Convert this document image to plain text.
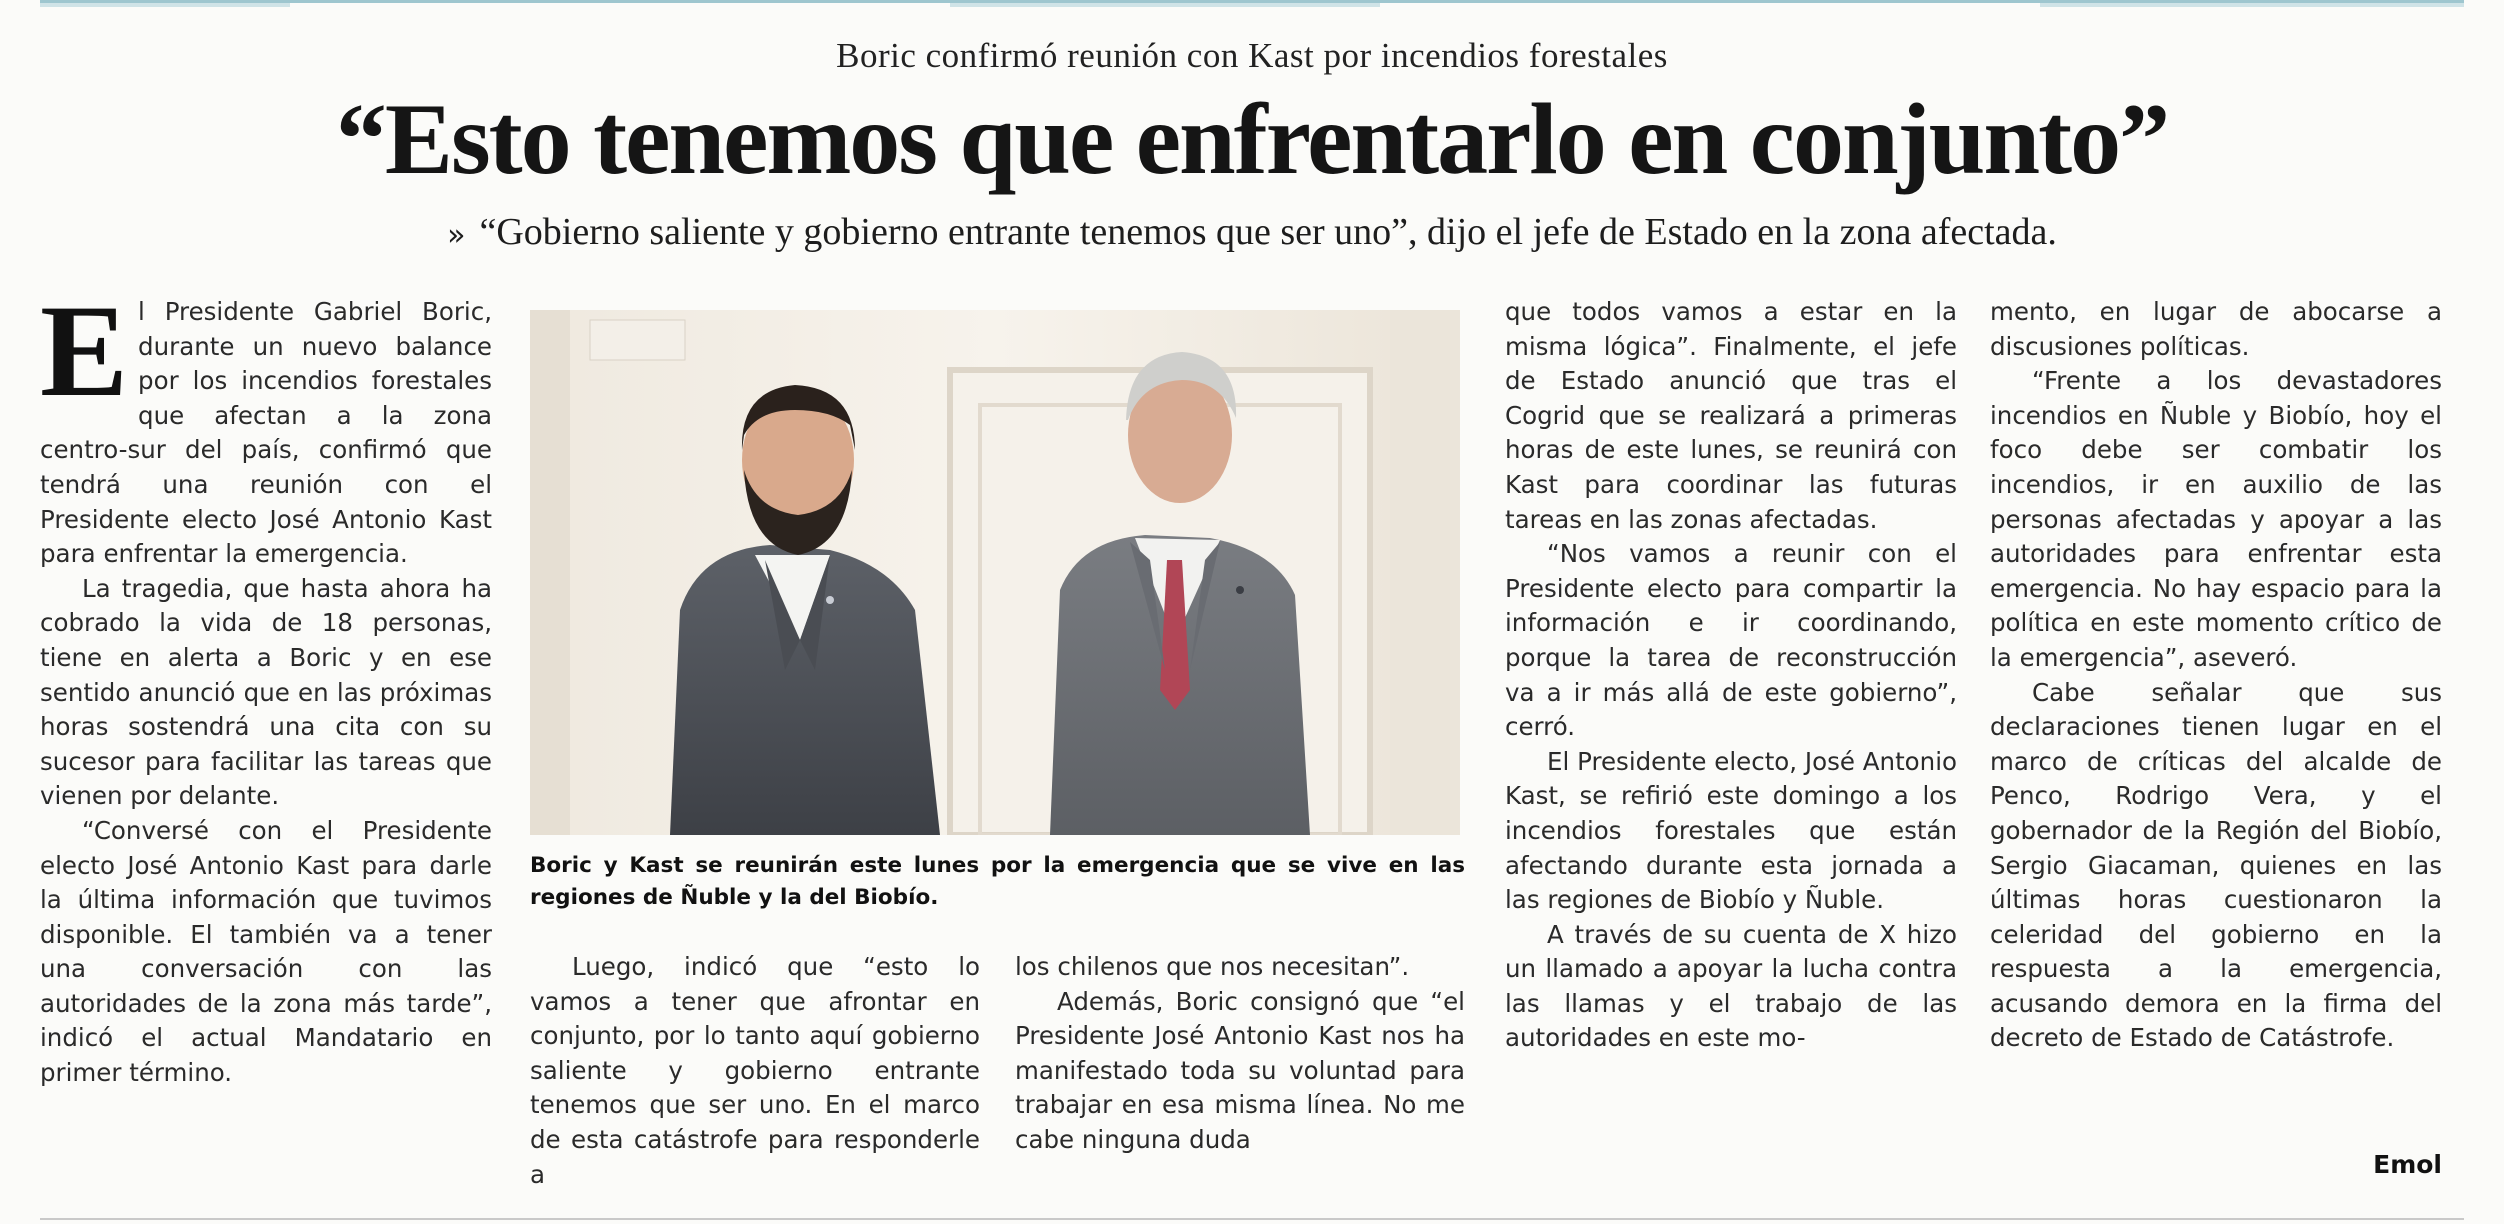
Boric confirmó reunión con Kast por incendios forestales
“Esto tenemos que enfrentarlo en conjunto”
» “Gobierno saliente y gobierno entrante tenemos que ser uno”, dijo el jefe de Estado en la zona afectada.

El Presidente Gabriel Boric, durante un nuevo balance por los incendios forestales que afectan a la zona centro-sur del país, confirmó que tendrá una reunión con el Presidente electo José Antonio Kast para enfrentar la emergencia.

La tragedia, que hasta ahora ha cobrado la vida de 18 personas, tiene en alerta a Boric y en ese sentido anunció que en las próximas horas sostendrá una cita con su sucesor para facilitar las tareas que vienen por delante.

“Conversé con el Presidente electo José Antonio Kast para darle la última información que tuvimos disponible. El también va a tener una conversación con las autoridades de la zona más tarde”, indicó el actual Mandatario en primer término.

Boric y Kast se reunirán este lunes por la emergencia que se vive en las regiones de Ñuble y la del Biobío.

Luego, indicó que “esto lo vamos a tener que afrontar en conjunto, por lo tanto aquí gobierno saliente y gobierno entrante tenemos que ser uno. En el marco de esta catástrofe para responderle a

los chilenos que nos necesitan”.

Además, Boric consignó que “el Presidente José Antonio Kast nos ha manifestado toda su voluntad para trabajar en esa misma línea. No me cabe ninguna duda

que todos vamos a estar en la misma lógica”. Finalmente, el jefe de Estado anunció que tras el Cogrid que se realizará a primeras horas de este lunes, se reunirá con Kast para coordinar las futuras tareas en las zonas afectadas.

“Nos vamos a reunir con el Presidente electo para compartir la información e ir coordinando, porque la tarea de reconstrucción va a ir más allá de este gobierno”, cerró.

El Presidente electo, José Antonio Kast, se refirió este domingo a los incendios forestales que están afectando durante esta jornada a las regiones de Biobío y Ñuble.

A través de su cuenta de X hizo un llamado a apoyar la lucha contra las llamas y el trabajo de las autoridades en este mo-

mento, en lugar de abocarse a discusiones políticas.

“Frente a los devastadores incendios en Ñuble y Biobío, hoy el foco debe ser combatir los incendios, ir en auxilio de las personas afectadas y apoyar a las autoridades para enfrentar esta emergencia. No hay espacio para la política en este momento crítico de la emergencia”, aseveró.

Cabe señalar que sus declaraciones tienen lugar en el marco de críticas del alcalde de Penco, Rodrigo Vera, y el gobernador de la Región del Biobío, Sergio Giacaman, quienes en las últimas horas cuestionaron la celeridad del gobierno en la respuesta a la emergencia, acusando demora en la firma del decreto de Estado de Catástrofe.

Emol
